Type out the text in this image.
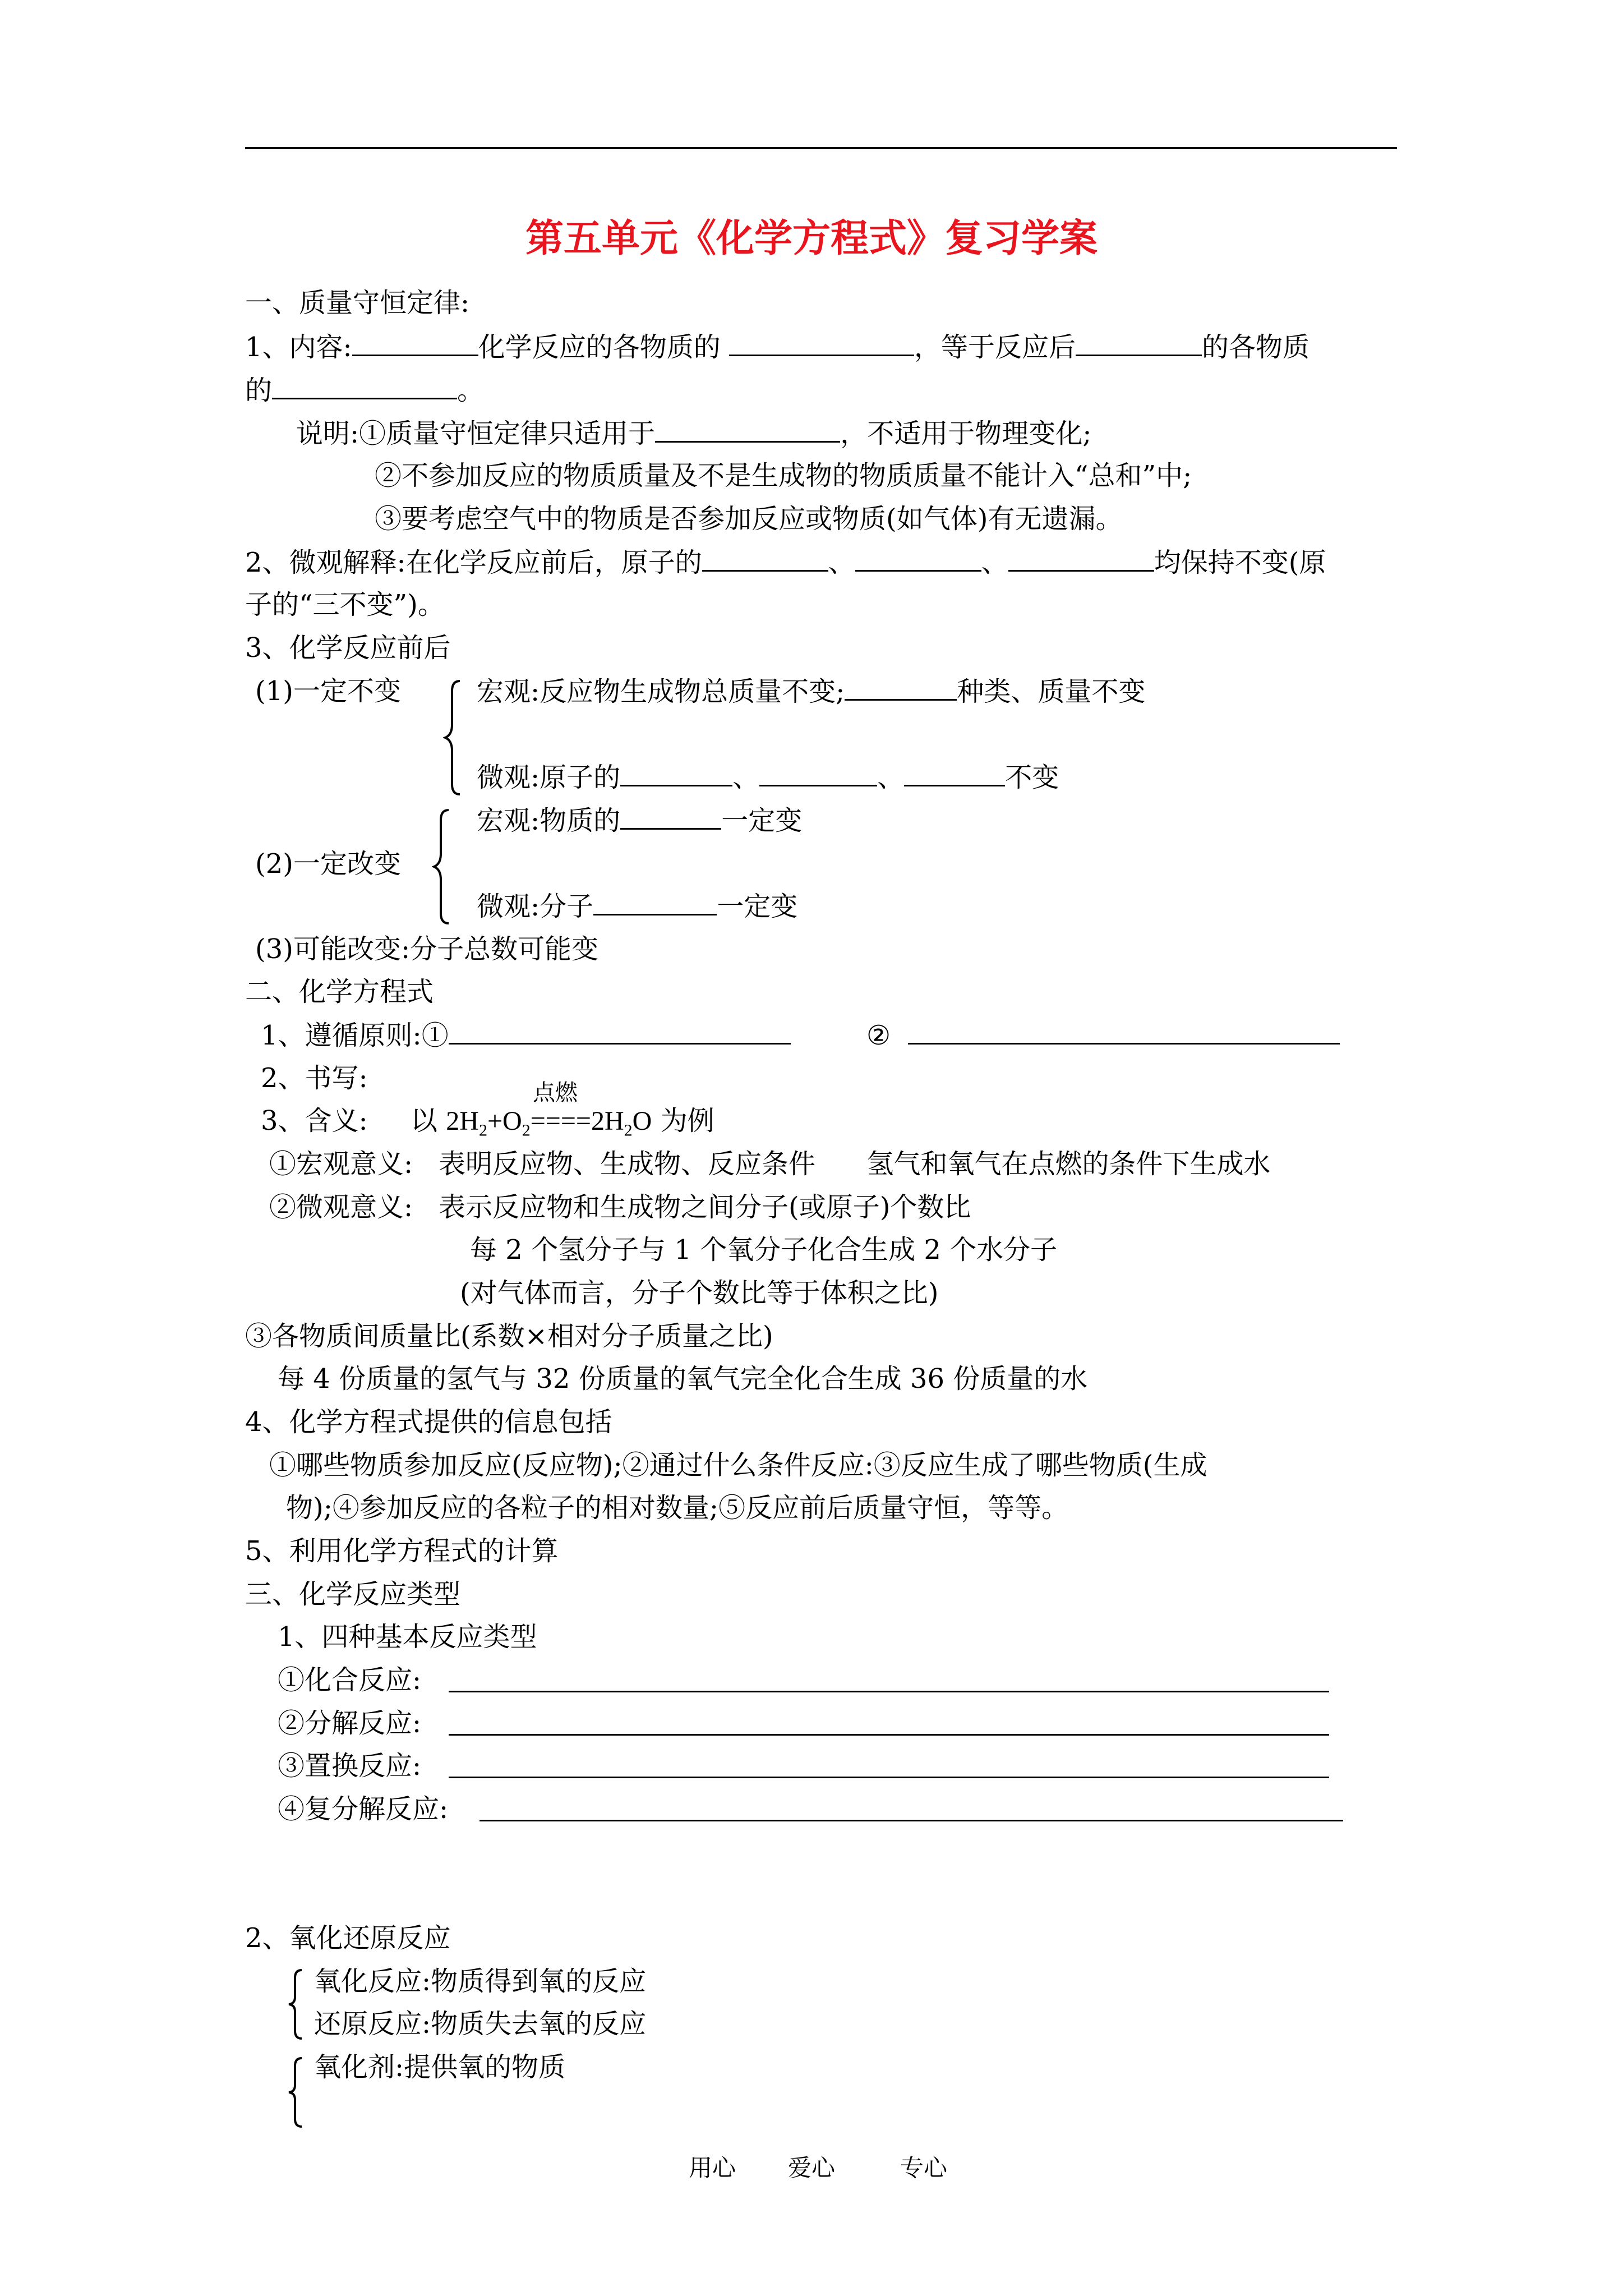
第五单元《化学方程式》复习学案
一、质量守恒定律:
1、内容:	化学反应的各物质的	，等于反应后	的各物质
的	。
说明:①质量守恒定律只适用于	，不适用于物理变化;
②不参加反应的物质质量及不是生成物的物质质量不能计入“总和”中;
③要考虑空气中的物质是否参加反应或物质(如气体)有无遗漏。
2、微观解释:在化学反应前后，原子的	、	、	均保持不变(原
子的“三不变”)。
3、化学反应前后
(1)一定不变	宏观:反应物生成物总质量不变;	种类、质量不变
微观:原子的	、	、	不变
(2)一定改变
宏观:物质的	一定变
微观:分子	一定变
(3)可能改变:分子总数可能变
二、化学方程式
1、遵循原则:①	②
2、书写:	点燃
3、含义: 以 $2H_2+O_2====2H_2O$ 为例
①宏观意义: 表明反应物、生成物、反应条件 氢气和氧气在点燃的条件下生成水
②微观意义: 表示反应物和生成物之间分子(或原子)个数比
每 2 个氢分子与 1 个氧分子化合生成 2 个水分子
(对气体而言，分子个数比等于体积之比)
③各物质间质量比(系数×相对分子质量之比)
每 4 份质量的氢气与 32 份质量的氧气完全化合生成 36 份质量的水
4、化学方程式提供的信息包括
①哪些物质参加反应(反应物);②通过什么条件反应:③反应生成了哪些物质(生成
物);④参加反应的各粒子的相对数量;⑤反应前后质量守恒，等等。
5、利用化学方程式的计算
三、化学反应类型
1、四种基本反应类型
①化合反应:
②分解反应:
③置换反应:
④复分解反应:
2、氧化还原反应
氧化反应:物质得到氧的反应
还原反应:物质失去氧的反应
氧化剂:提供氧的物质
用心 爱心	专心
